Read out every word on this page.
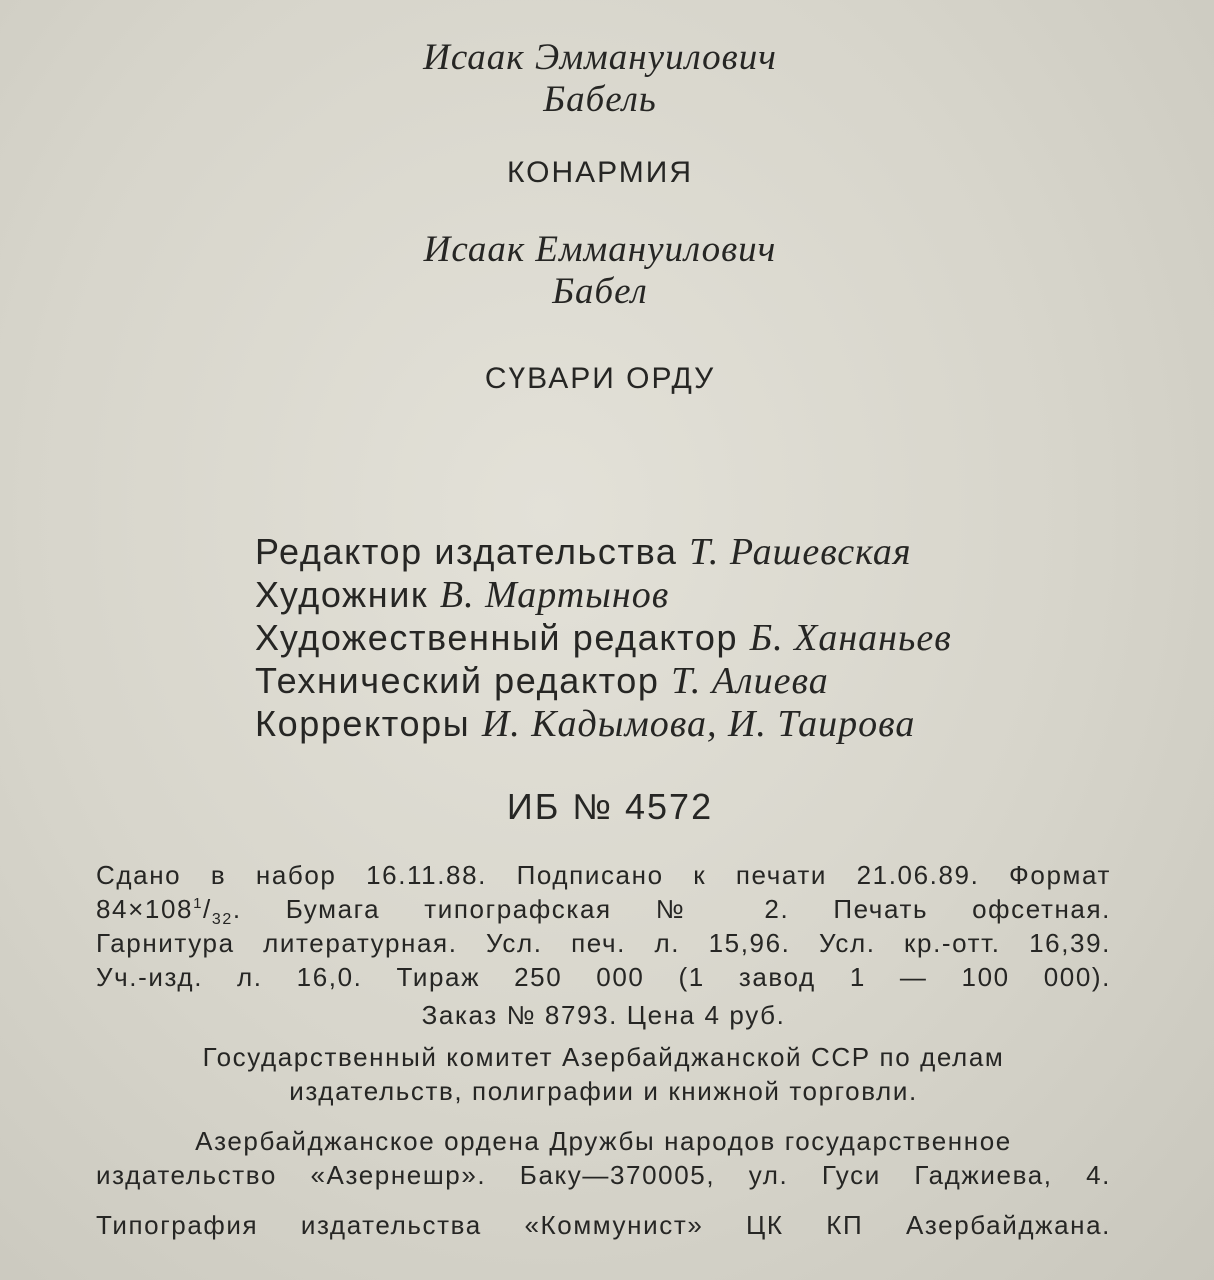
Исаак Эммануилович

Бабель

КОНАРМИЯ

Исаак Еммануилович

Бабел

СҮВАРИ ОРДУ

Редактор издательства Т. Рашевская

Художник В. Мартынов

Художественный редактор Б. Хананьев

Технический редактор Т. Алиева

Корректоры И. Кадымова, И. Таирова

ИБ № 4572

Сдано в набор 16.11.88. Подписано к печати 21.06.89. Формат

$84\times 108^1/_{32}$. Бумага типографская № 2. Печать офсетная.

Гарнитура литературная. Усл. печ. л. 15,96. Усл. кр.-отт. 16,39.

Уч.-изд. л. 16,0. Тираж 250 000 (1 завод 1 — 100 000).

Заказ № 8793. Цена 4 руб.

Государственный комитет Азербайджанской ССР по делам

издательств, полиграфии и книжной торговли.

Азербайджанское ордена Дружбы народов государственное

издательство «Азернешр». Баку—370005, ул. Гуси Гаджиева, 4.

Типография издательства «Коммунист» ЦК КП Азербайджана.
